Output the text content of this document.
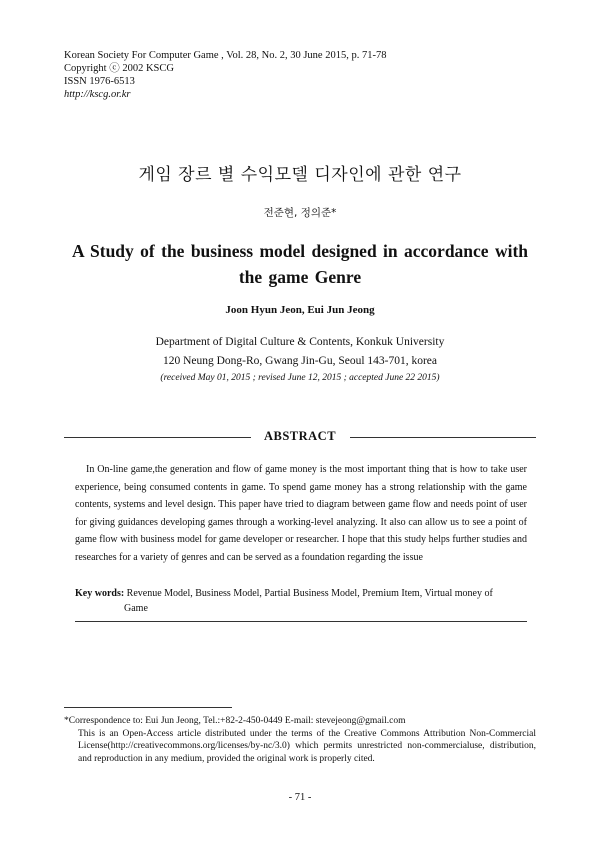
Korean Society For Computer Game , Vol. 28, No. 2, 30 June 2015, p. 71-78
Copyright ⓒ 2002 KSCG
ISSN 1976-6513
http://kscg.or.kr
게임 장르 별 수익모델 디자인에 관한 연구
전준현, 정의준*
A Study of the business model designed in accordance with the game Genre
Joon Hyun Jeon, Eui Jun Jeong
Department of Digital Culture & Contents, Konkuk University
120 Neung Dong-Ro, Gwang Jin-Gu, Seoul 143-701, korea
(received May 01, 2015 ; revised June 12, 2015 ; accepted June 22 2015)
ABSTRACT
In On-line game,the generation and flow of game money is the most important thing that is how to take user experience, being consumed contents in game. To spend game money has a strong relationship with the game contents, systems and level design. This paper have tried to diagram between game flow and needs point of user for giving guidances developing games through a working-level analyzing. It also can allow us to see a point of game flow with business model for game developer or researcher. I hope that this study helps further studies and researches for a variety of genres and can be served as a foundation regarding the issue
Key words: Revenue Model, Business Model, Partial Business Model, Premium Item, Virtual money of
Game
*Correspondence to: Eui Jun Jeong, Tel.:+82-2-450-0449 E-mail: stevejeong@gmail.com
This is an Open-Access article distributed under the terms of the Creative Commons Attribution Non-Commercial License(http://creativecommons.org/licenses/by-nc/3.0) which permits unrestricted non-commercialuse, distribution, and reproduction in any medium, provided the original work is properly cited.
- 71 -
